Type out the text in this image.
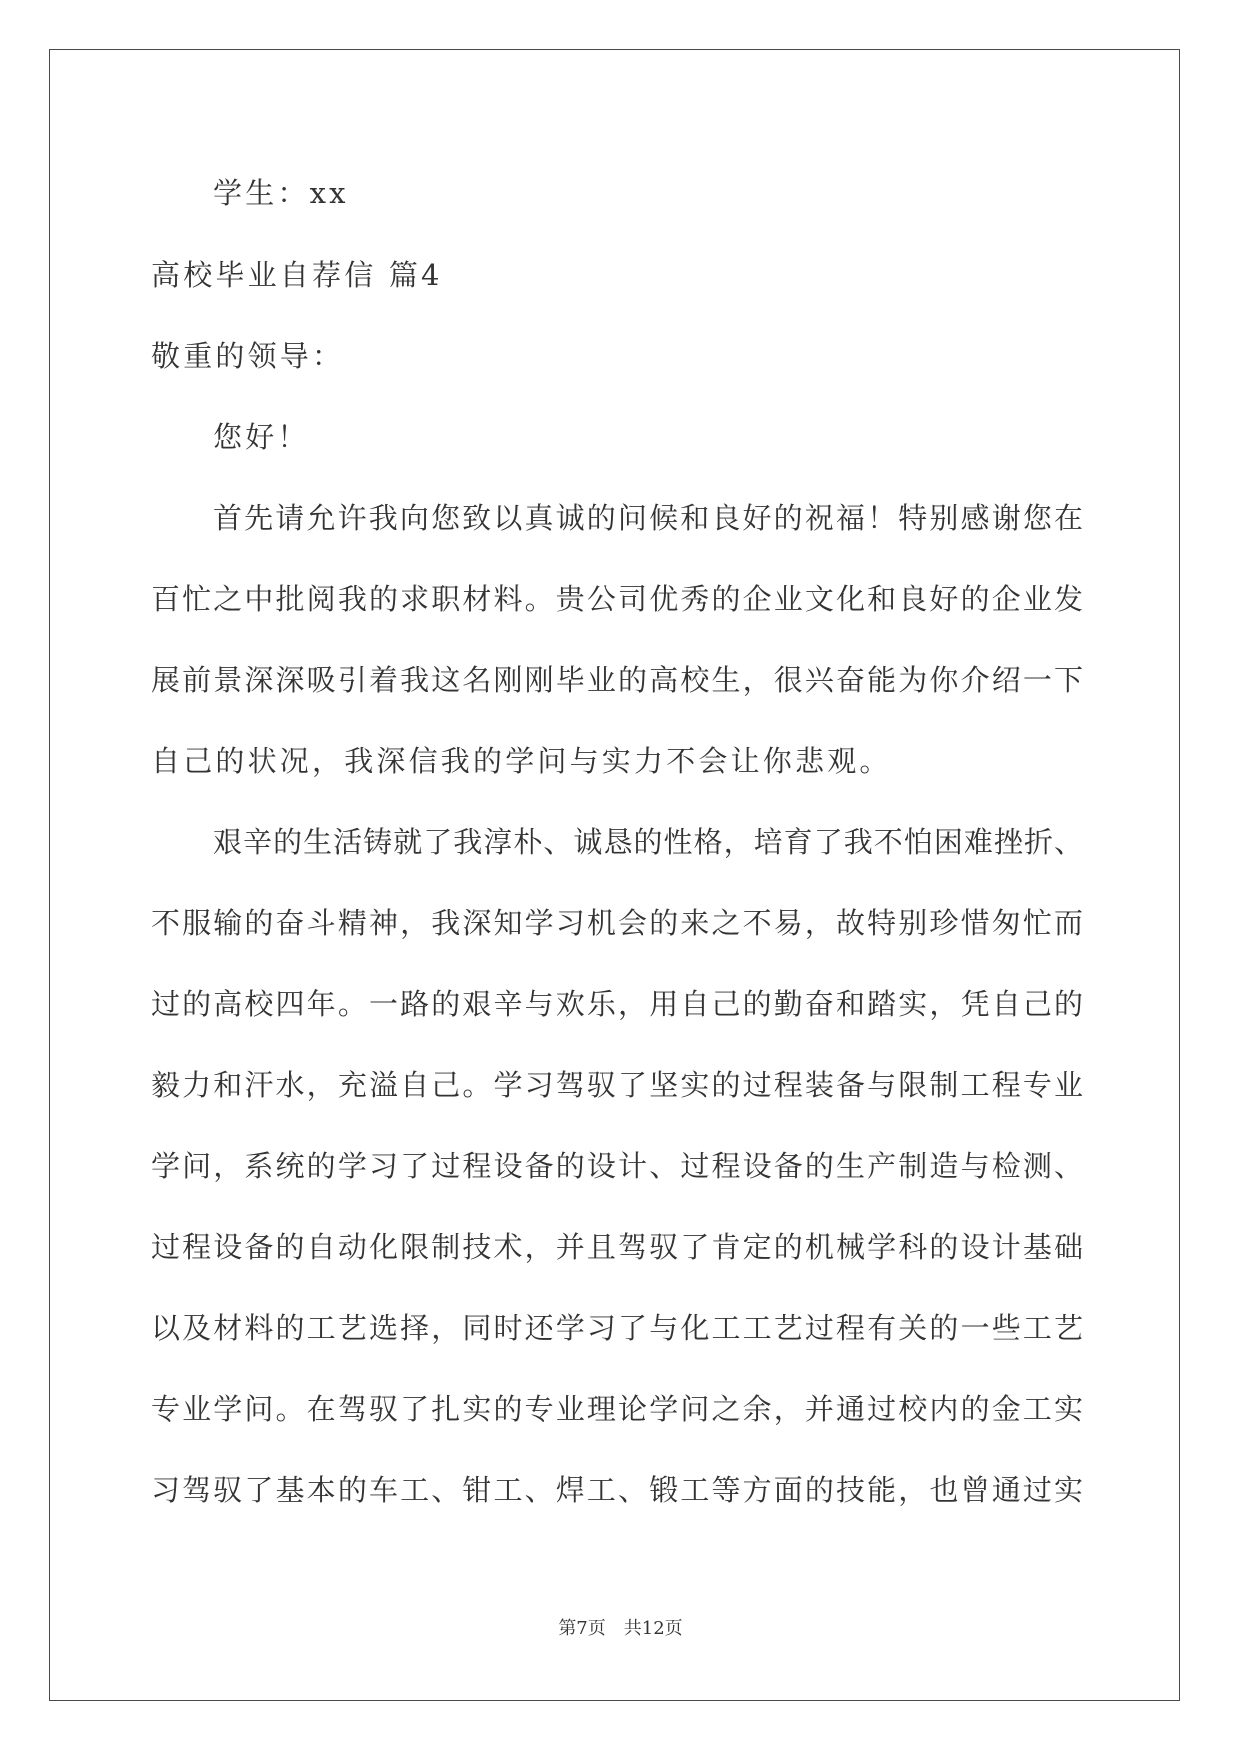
学生：xx
高校毕业自荐信 篇4
敬重的领导：
您好！
首先请允许我向您致以真诚的问候和良好的祝福！特别感谢您在
百忙之中批阅我的求职材料。贵公司优秀的企业文化和良好的企业发
展前景深深吸引着我这名刚刚毕业的高校生，很兴奋能为你介绍一下
自己的状况，我深信我的学问与实力不会让你悲观。
艰辛的生活铸就了我淳朴、诚恳的性格，培育了我不怕困难挫折、
不服输的奋斗精神，我深知学习机会的来之不易，故特别珍惜匆忙而
过的高校四年。一路的艰辛与欢乐，用自己的勤奋和踏实，凭自己的
毅力和汗水，充溢自己。学习驾驭了坚实的过程装备与限制工程专业
学问，系统的学习了过程设备的设计、过程设备的生产制造与检测、
过程设备的自动化限制技术，并且驾驭了肯定的机械学科的设计基础
以及材料的工艺选择，同时还学习了与化工工艺过程有关的一些工艺
专业学问。在驾驭了扎实的专业理论学问之余，并通过校内的金工实
习驾驭了基本的车工、钳工、焊工、锻工等方面的技能，也曾通过实
第7页 共12页
